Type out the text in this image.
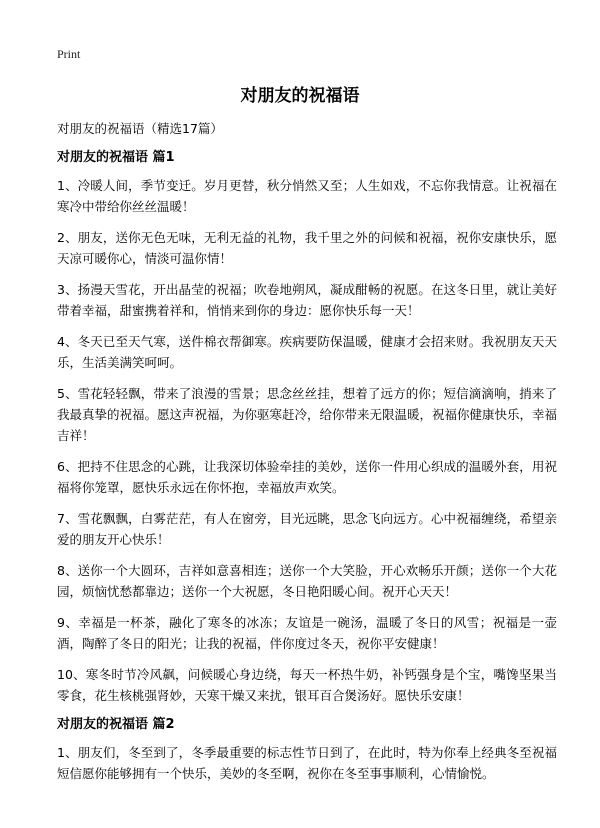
Print
对朋友的祝福语

对朋友的祝福语（精选17篇）

对朋友的祝福语 篇1

1、冷暖人间，季节变迁。岁月更替，秋分悄然又至；人生如戏，不忘你我情意。让祝福在寒冷中带给你丝丝温暖！

2、朋友，送你无色无味，无利无益的礼物，我千里之外的问候和祝福，祝你安康快乐，愿天凉可暖你心，情淡可温你情！

3、扬漫天雪花，开出晶莹的祝福；吹卷地朔风，凝成酣畅的祝愿。在这冬日里，就让美好带着幸福，甜蜜携着祥和，悄悄来到你的身边：愿你快乐每一天！

4、冬天已至天气寒，送件棉衣帮御寒。疾病要防保温暖，健康才会招来财。我祝朋友天天乐，生活美满笑呵呵。

5、雪花轻轻飘，带来了浪漫的雪景；思念丝丝挂，想着了远方的你；短信滴滴响，捎来了我最真挚的祝福。愿这声祝福，为你驱寒赶冷，给你带来无限温暖，祝福你健康快乐，幸福吉祥！

6、把持不住思念的心跳，让我深切体验牵挂的美妙，送你一件用心织成的温暖外套，用祝福将你笼罩，愿快乐永远在你怀抱，幸福放声欢笑。

7、雪花飘飘，白雾茫茫，有人在窗旁，目光远眺，思念飞向远方。心中祝福缠绕，希望亲爱的朋友开心快乐！

8、送你一个大圆环，吉祥如意喜相连；送你一个大笑脸，开心欢畅乐开颜；送你一个大花园，烦恼忧愁都靠边；送你一个大祝愿，冬日艳阳暖心间。祝开心天天！

9、幸福是一杯茶，融化了寒冬的冰冻；友谊是一碗汤，温暖了冬日的风雪；祝福是一壶酒，陶醉了冬日的阳光；让我的祝福，伴你度过冬天，祝你平安健康！

10、寒冬时节冷风飙，问候暖心身边绕，每天一杯热牛奶，补钙强身是个宝，嘴馋坚果当零食，花生核桃强肾妙，天寒干燥又来扰，银耳百合煲汤好。愿快乐安康！

对朋友的祝福语 篇2

1、朋友们，冬至到了，冬季最重要的标志性节日到了，在此时，特为你奉上经典冬至祝福短信愿你能够拥有一个快乐，美妙的冬至啊，祝你在冬至事事顺利，心情愉悦。
